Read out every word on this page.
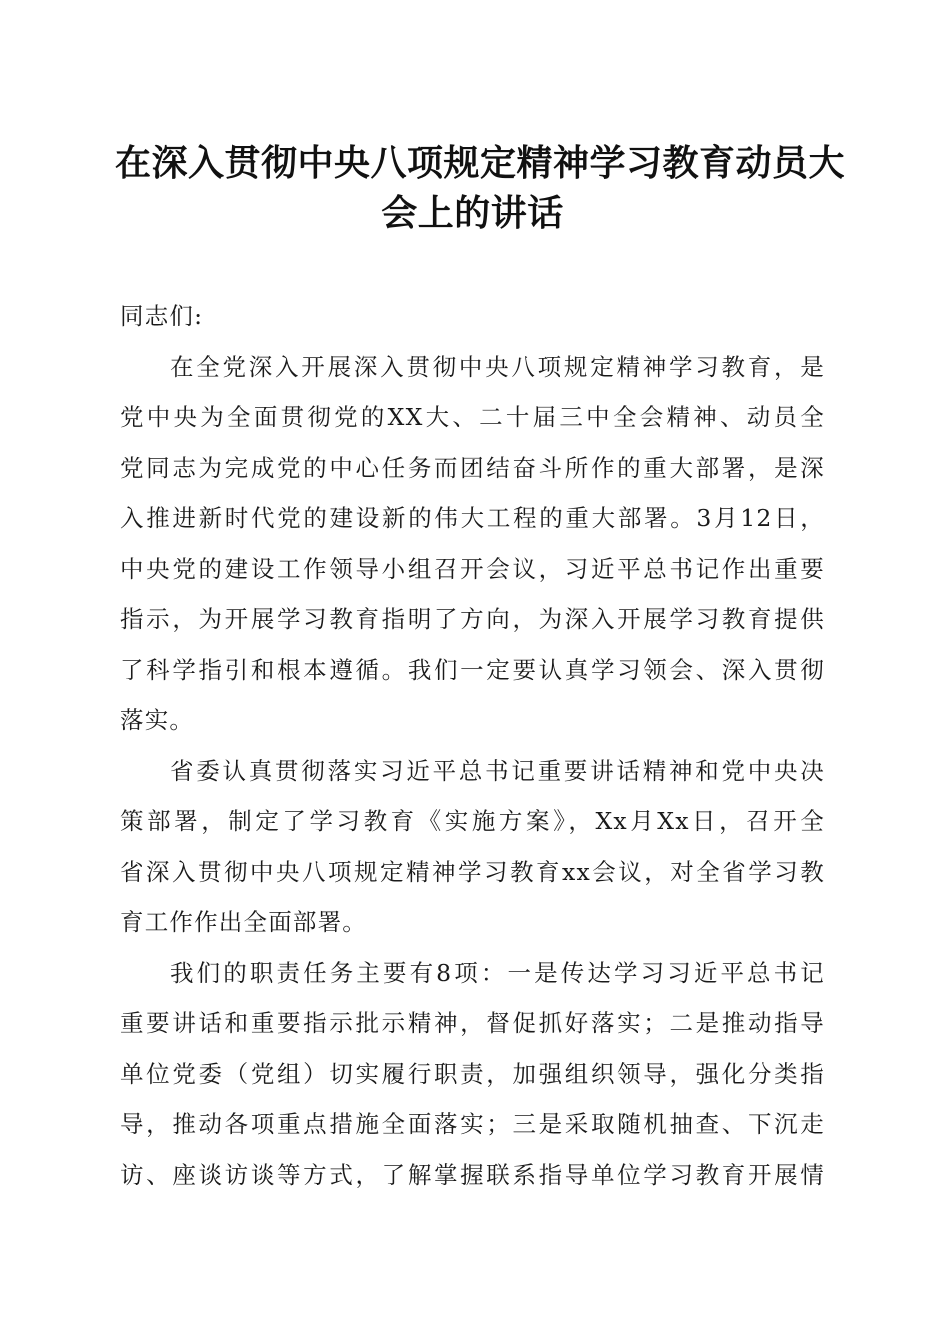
在深入贯彻中央八项规定精神学习教育动员大
会上的讲话
同志们:
在全党深入开展深入贯彻中央八项规定精神学习教育，是
党中央为全面贯彻党的XX大、二十届三中全会精神、动员全
党同志为完成党的中心任务而团结奋斗所作的重大部署，是深
入推进新时代党的建设新的伟大工程的重大部署。3月12日，
中央党的建设工作领导小组召开会议，习近平总书记作出重要
指示，为开展学习教育指明了方向，为深入开展学习教育提供
了科学指引和根本遵循。我们一定要认真学习领会、深入贯彻
落实。
省委认真贯彻落实习近平总书记重要讲话精神和党中央决
策部署，制定了学习教育《实施方案》，Xx月Xx日，召开全
省深入贯彻中央八项规定精神学习教育xx会议，对全省学习教
育工作作出全面部署。
我们的职责任务主要有8项：一是传达学习习近平总书记
重要讲话和重要指示批示精神，督促抓好落实；二是推动指导
单位党委（党组）切实履行职责，加强组织领导，强化分类指
导，推动各项重点措施全面落实；三是采取随机抽查、下沉走
访、座谈访谈等方式，了解掌握联系指导单位学习教育开展情
